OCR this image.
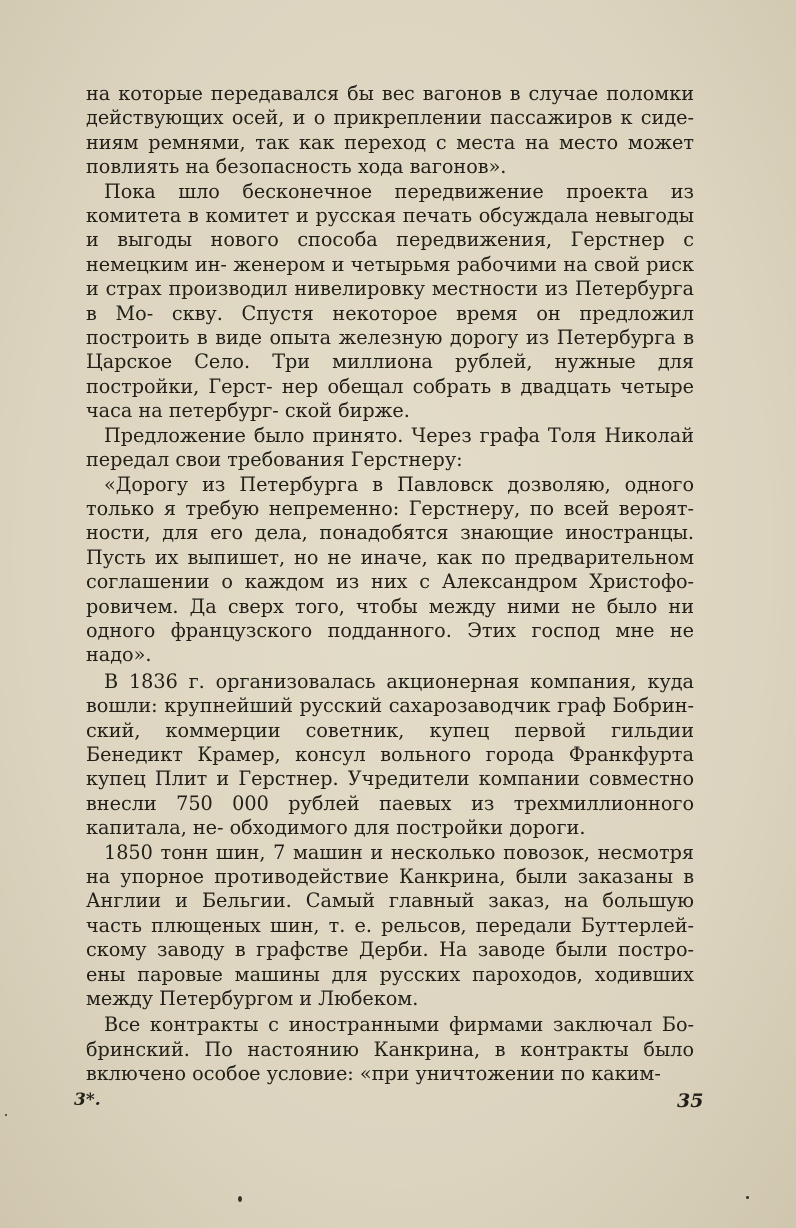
на которые передавался бы вес вагонов в случае поломки действующих осей, и о прикреплении пассажиров к сиде- ниям ремнями, так как переход с места на место может повлиять на безопасность хода вагонов».

Пока шло бесконечное передвижение проекта из комитета в комитет и русская печать обсуждала невыгоды и выгоды нового способа передвижения, Герстнер с немецким ин- женером и четырьмя рабочими на свой риск и страх производил нивелировку местности из Петербурга в Мо- скву. Спустя некоторое время он предложил построить в виде опыта железную дорогу из Петербурга в Царское Село. Три миллиона рублей, нужные для постройки, Герст- нер обещал собрать в двадцать четыре часа на петербург- ской бирже.

Предложение было принято. Через графа Толя Николай передал свои требования Герстнеру:

«Дорогу из Петербурга в Павловск дозволяю, одного только я требую непременно: Герстнеру, по всей вероят- ности, для его дела, понадобятся знающие иностранцы. Пусть их выпишет, но не иначе, как по предварительном соглашении о каждом из них с Александром Христофо- ровичем. Да сверх того, чтобы между ними не было ни одного французского подданного. Этих господ мне не надо».

В 1836 г. организовалась акционерная компания, куда вошли: крупнейший русский сахарозаводчик граф Бобрин- ский, коммерции советник, купец первой гильдии Бенедикт Крамер, консул вольного города Франкфурта купец Плит и Герстнер. Учредители компании совместно внесли 750 000 рублей паевых из трехмиллионного капитала, не- обходимого для постройки дороги.

1850 тонн шин, 7 машин и несколько повозок, несмотря на упорное противодействие Канкрина, были заказаны в Англии и Бельгии. Самый главный заказ, на большую часть плющеных шин, т. е. рельсов, передали Буттерлей- скому заводу в графстве Дерби. На заводе были постро- ены паровые машины для русских пароходов, ходивших между Петербургом и Любеком.

Все контракты с иностранными фирмами заключал Бо- бринский. По настоянию Канкрина, в контракты было включено особое условие: «при уничтожении по каким-

3*.	35
